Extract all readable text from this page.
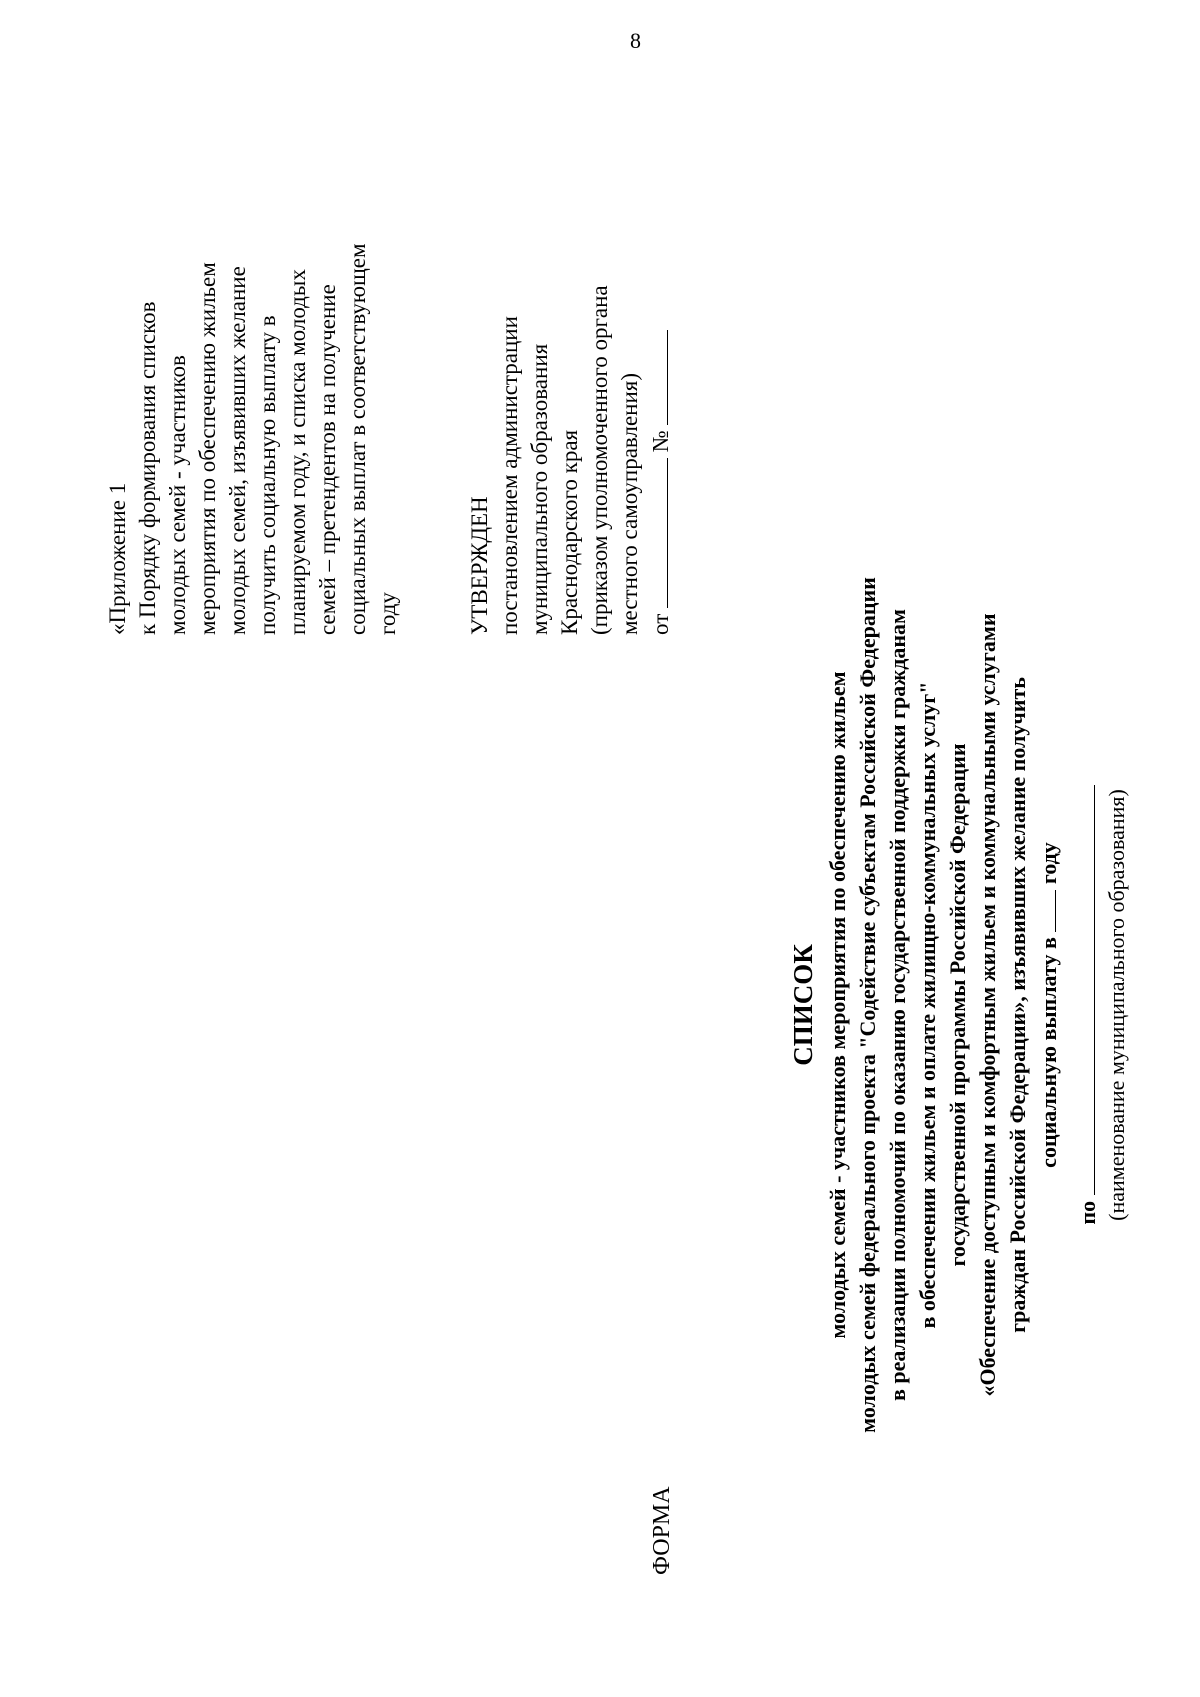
8
ФОРМА
«Приложение 1 к Порядку формирования списков молодых семей - участников мероприятия по обеспечению жильем молодых семей, изъявивших желание получить социальную выплату в планируемом году, и списка молодых семей – претендентов на получение социальных выплат в соответствующем году	УТВЕРЖДЕН постановлением администрации муниципального образования Краснодарского края (приказом уполномоченного органа местного самоуправления) от  №
СПИСОК молодых семей - участников мероприятия по обеспечению жильем молодых семей федерального проекта "Содействие субъектам Российской Федерации в реализации полномочий по оказанию государственной поддержки гражданам в обеспечении жильем и оплате жилищно-коммунальных услуг" государственной программы Российской Федерации «Обеспечение доступным и комфортным жильем и коммунальными услугами граждан Российской Федерации», изъявивших желание получить социальную выплату в  году
по (наименование муниципального образования)
